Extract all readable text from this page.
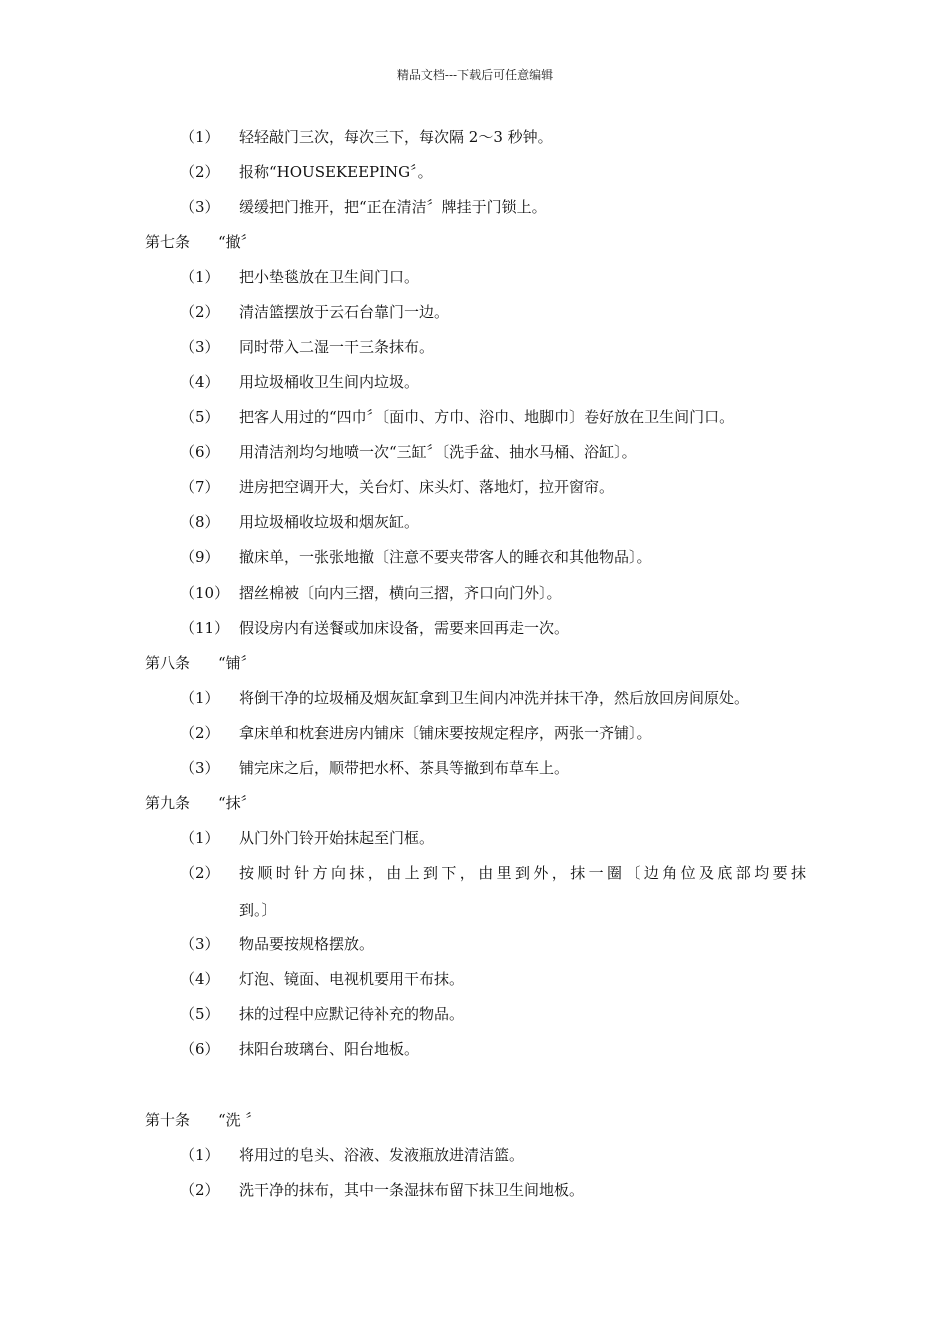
精品文档---下载后可任意编辑
（1） 轻轻敲门三次，每次三下，每次隔 2～3 秒钟。
（2） 报称“HOUSEKEEPING〞。
（3） 缓缓把门推开，把“正在清洁〞牌挂于门锁上。
第七条 “撤〞
（1） 把小垫毯放在卫生间门口。
（2） 清洁篮摆放于云石台靠门一边。
（3） 同时带入二湿一干三条抹布。
（4） 用垃圾桶收卫生间内垃圾。
（5） 把客人用过的“四巾〞〔面巾、方巾、浴巾、地脚巾〕卷好放在卫生间门口。
（6） 用清洁剂均匀地喷一次“三缸〞〔洗手盆、抽水马桶、浴缸〕。
（7） 进房把空调开大，关台灯、床头灯、落地灯，拉开窗帘。
（8） 用垃圾桶收垃圾和烟灰缸。
（9） 撤床单，一张张地撤〔注意不要夹带客人的睡衣和其他物品〕。
（10） 摺丝棉被〔向内三摺，横向三摺，齐口向门外〕。
（11） 假设房内有送餐或加床设备，需要来回再走一次。
第八条 “铺〞
（1） 将倒干净的垃圾桶及烟灰缸拿到卫生间内冲洗并抹干净，然后放回房间原处。
（2） 拿床单和枕套进房内铺床〔铺床要按规定程序，两张一齐铺〕。
（3） 铺完床之后，顺带把水杯、茶具等撤到布草车上。
第九条 “抹〞
（1） 从门外门铃开始抹起至门框。
（2） 按顺时针方向抹，由上到下，由里到外，抹一圈〔边角位及底部均要抹
到。〕
（3） 物品要按规格摆放。
（4） 灯泡、镜面、电视机要用干布抹。
（5） 抹的过程中应默记待补充的物品。
（6） 抹阳台玻璃台、阳台地板。
第十条 “洗 〞
（1） 将用过的皂头、浴液、发液瓶放进清洁篮。
（2） 洗干净的抹布，其中一条湿抹布留下抹卫生间地板。
